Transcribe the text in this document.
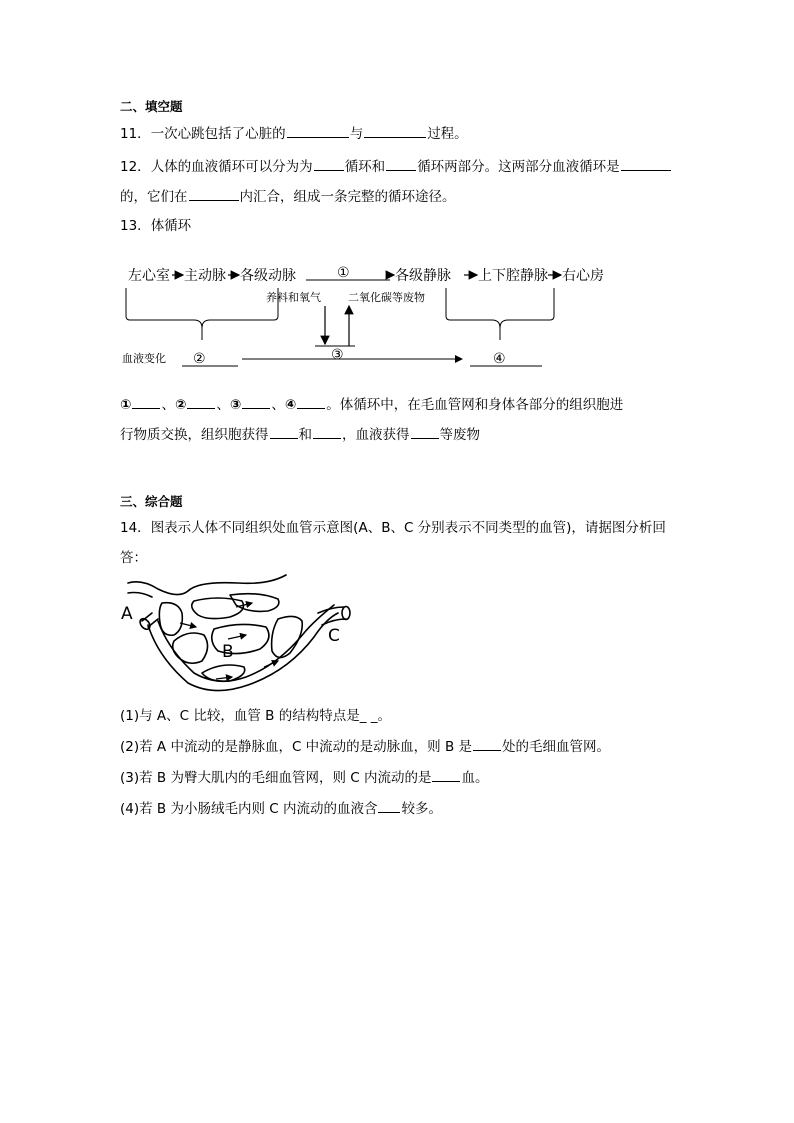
二、填空题
11．一次心跳包括了心脏的	与	过程。
12．人体的血液循环可以分为为 循环和 循环两部分。这两部分血液循环是
的，它们在	内汇合，组成一条完整的循环途径。
13．体循环
左心室 主动脉 各级动脉	各级静脉 上下腔静脉 右心房
①
养料和氧气 二氧化碳等废物
③
血液变化 ②	④
① 、② 、③ 、④ 。体循环中，在毛血管网和身体各部分的组织胞进
行物质交换，组织胞获得 和 ，血液获得 等废物
三、综合题
14．图表示人体不同组织处血管示意图(A、B、C 分别表示不同类型的血管)，请据图分析回
答：
A
B
C
(1)与 A、C 比较，血管 B 的结构特点是_ _。
(2)若 A 中流动的是静脉血，C 中流动的是动脉血，则 B 是 处的毛细血管网。
(3)若 B 为臀大肌内的毛细血管网，则 C 内流动的是 血。
(4)若 B 为小肠绒毛内则 C 内流动的血液含 较多。
